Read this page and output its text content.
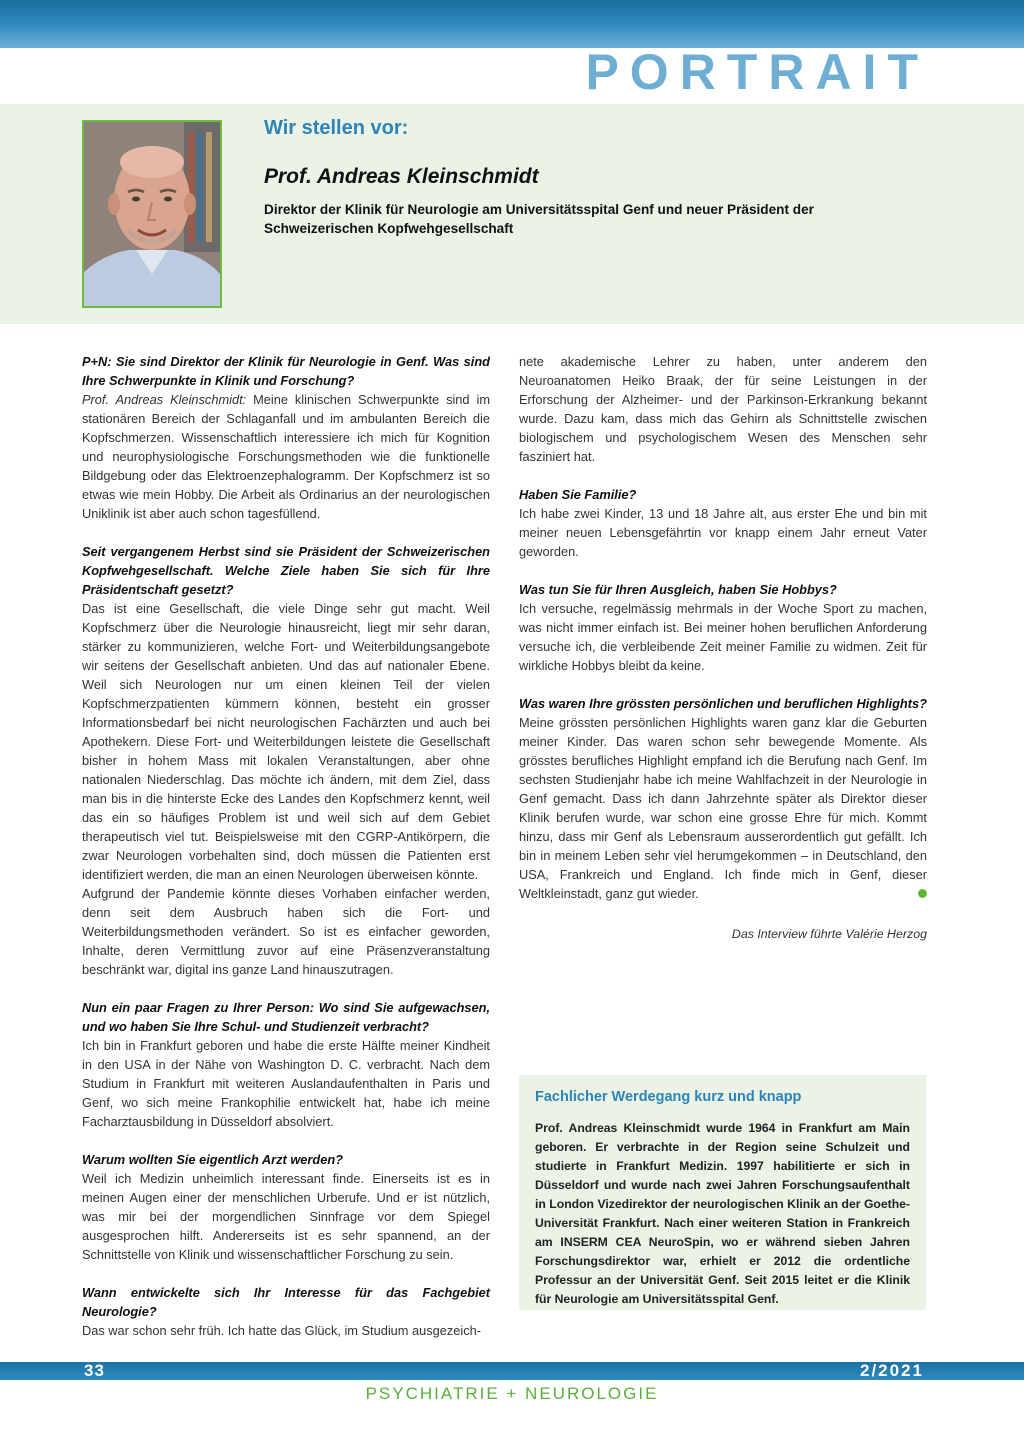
PORTRAIT
Wir stellen vor:
Prof. Andreas Kleinschmidt

Direktor der Klinik für Neurologie am Universitätsspital Genf und neuer Präsident der Schweizerischen Kopfwehgesellschaft

P+N: Sie sind Direktor der Klinik für Neurologie in Genf. Was sind Ihre Schwerpunkte in Klinik und Forschung?

Prof. Andreas Kleinschmidt: Meine klinischen Schwerpunkte sind im stationären Bereich der Schlaganfall und im ambulanten Bereich die Kopfschmerzen. Wissenschaftlich interessiere ich mich für Kognition und neurophysiologische Forschungsmethoden wie die funktionelle Bildgebung oder das Elektroenzephalogramm. Der Kopfschmerz ist so etwas wie mein Hobby. Die Arbeit als Ordinarius an der neurologischen Uniklinik ist aber auch schon tagesfüllend.

Seit vergangenem Herbst sind sie Präsident der Schweizerischen Kopfwehgesellschaft. Welche Ziele haben Sie sich für Ihre Präsidentschaft gesetzt?

Das ist eine Gesellschaft, die viele Dinge sehr gut macht. Weil Kopfschmerz über die Neurologie hinausreicht, liegt mir sehr daran, stärker zu kommunizieren, welche Fort- und Weiterbildungsangebote wir seitens der Gesellschaft anbieten. Und das auf nationaler Ebene. Weil sich Neurologen nur um einen kleinen Teil der vielen Kopfschmerzpatienten kümmern können, besteht ein grosser Informationsbedarf bei nicht neurologischen Fachärzten und auch bei Apothekern. Diese Fort- und Weiterbildungen leistete die Gesellschaft bisher in hohem Mass mit lokalen Veranstaltungen, aber ohne nationalen Niederschlag. Das möchte ich ändern, mit dem Ziel, dass man bis in die hinterste Ecke des Landes den Kopfschmerz kennt, weil das ein so häufiges Problem ist und weil sich auf dem Gebiet therapeutisch viel tut. Beispielsweise mit den CGRP-Antikörpern, die zwar Neurologen vorbehalten sind, doch müssen die Patienten erst identifiziert werden, die man an einen Neurologen überweisen könnte.

Aufgrund der Pandemie könnte dieses Vorhaben einfacher werden, denn seit dem Ausbruch haben sich die Fort- und Weiterbildungsmethoden verändert. So ist es einfacher geworden, Inhalte, deren Vermittlung zuvor auf eine Präsenzveranstaltung beschränkt war, digital ins ganze Land hinauszutragen.

Nun ein paar Fragen zu Ihrer Person: Wo sind Sie aufgewachsen, und wo haben Sie Ihre Schul- und Studienzeit verbracht?

Ich bin in Frankfurt geboren und habe die erste Hälfte meiner Kindheit in den USA in der Nähe von Washington D. C. verbracht. Nach dem Studium in Frankfurt mit weiteren Auslandaufenthalten in Paris und Genf, wo sich meine Frankophilie entwickelt hat, habe ich meine Facharztausbildung in Düsseldorf absolviert.

Warum wollten Sie eigentlich Arzt werden?

Weil ich Medizin unheimlich interessant finde. Einerseits ist es in meinen Augen einer der menschlichen Urberufe. Und er ist nützlich, was mir bei der morgendlichen Sinnfrage vor dem Spiegel ausgesprochen hilft. Andererseits ist es sehr spannend, an der Schnittstelle von Klinik und wissenschaftlicher Forschung zu sein.

Wann entwickelte sich Ihr Interesse für das Fachgebiet Neurologie?

Das war schon sehr früh. Ich hatte das Glück, im Studium ausgezeich-

nete akademische Lehrer zu haben, unter anderem den Neuroanatomen Heiko Braak, der für seine Leistungen in der Erforschung der Alzheimer- und der Parkinson-Erkrankung bekannt wurde. Dazu kam, dass mich das Gehirn als Schnittstelle zwischen biologischem und psychologischem Wesen des Menschen sehr fasziniert hat.

Haben Sie Familie?

Ich habe zwei Kinder, 13 und 18 Jahre alt, aus erster Ehe und bin mit meiner neuen Lebensgefährtin vor knapp einem Jahr erneut Vater geworden.

Was tun Sie für Ihren Ausgleich, haben Sie Hobbys?

Ich versuche, regelmässig mehrmals in der Woche Sport zu machen, was nicht immer einfach ist. Bei meiner hohen beruflichen Anforderung versuche ich, die verbleibende Zeit meiner Familie zu widmen. Zeit für wirkliche Hobbys bleibt da keine.

Was waren Ihre grössten persönlichen und beruflichen Highlights?

Meine grössten persönlichen Highlights waren ganz klar die Geburten meiner Kinder. Das waren schon sehr bewegende Momente. Als grösstes berufliches Highlight empfand ich die Berufung nach Genf. Im sechsten Studienjahr habe ich meine Wahlfachzeit in der Neurologie in Genf gemacht. Dass ich dann Jahrzehnte später als Direktor dieser Klinik berufen wurde, war schon eine grosse Ehre für mich. Kommt hinzu, dass mir Genf als Lebensraum ausserordentlich gut gefällt. Ich bin in meinem Leben sehr viel herumgekommen – in Deutschland, den USA, Frankreich und England. Ich finde mich in Genf, dieser Weltkleinstadt, ganz gut wieder.

Das Interview führte Valérie Herzog

Fachlicher Werdegang kurz und knapp

Prof. Andreas Kleinschmidt wurde 1964 in Frankfurt am Main geboren. Er verbrachte in der Region seine Schulzeit und studierte in Frankfurt Medizin. 1997 habilitierte er sich in Düsseldorf und wurde nach zwei Jahren Forschungsaufenthalt in London Vizedirektor der neurologischen Klinik an der Goethe-Universität Frankfurt. Nach einer weiteren Station in Frankreich am INSERM CEA NeuroSpin, wo er während sieben Jahren Forschungsdirektor war, erhielt er 2012 die ordentliche Professur an der Universität Genf. Seit 2015 leitet er die Klinik für Neurologie am Universitätsspital Genf.

33	2/2021
PSYCHIATRIE + NEUROLOGIE
